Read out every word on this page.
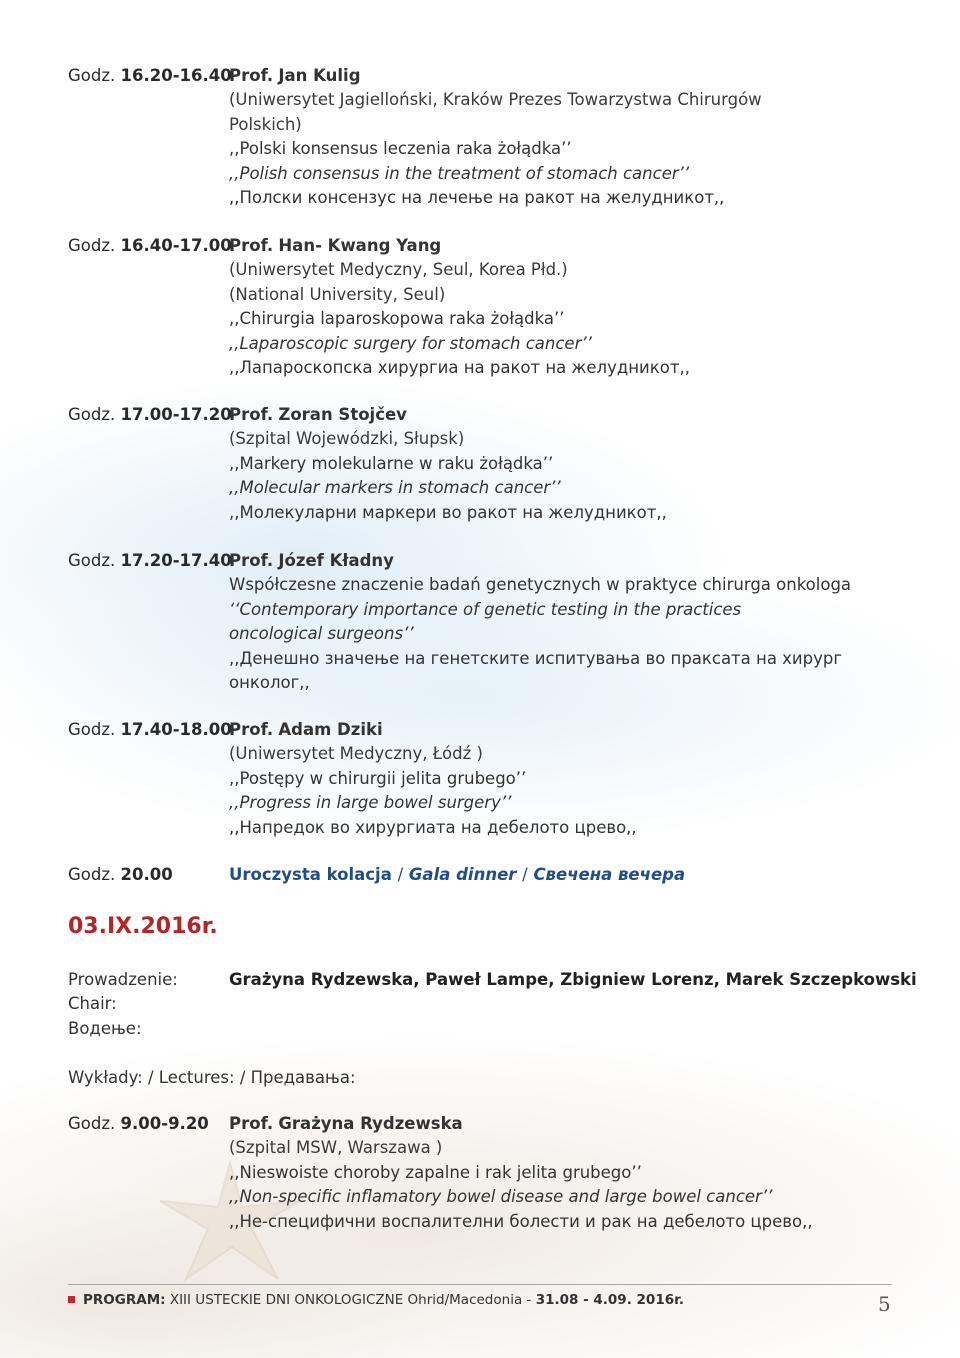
Godz. 16.20-16.40
Prof. Jan Kulig
(Uniwersytet Jagielloński, Kraków Prezes Towarzystwa Chirurgów Polskich)
,,Polski konsensus leczenia raka żołądka’’
,,Polish consensus in the treatment of stomach cancer’’
,,Полски консензус на лечење на ракот на желудникот,,
Godz. 16.40-17.00
Prof. Han- Kwang Yang
(Uniwersytet Medyczny, Seul, Korea Płd.)
(National University, Seul)
,,Chirurgia laparoskopowa raka żołądka’’
,,Laparoscopic surgery for stomach cancer’’
,,Лапароскопска хирургиа на ракот на желудникот,,
Godz. 17.00-17.20
Prof. Zoran Stojčev
(Szpital Wojewódzki, Słupsk)
,,Markery molekularne w raku żołądka’’
,,Molecular markers in stomach cancer’’
,,Молекуларни маркери во ракот на желудникот,,
Godz. 17.20-17.40
Prof. Józef Kładny
Współczesne znaczenie badań genetycznych w praktyce chirurga onkologa
‘‘Contemporary importance of genetic testing in the practices oncological surgeons’’
,,Денешно значење на генетските испитувања во праксата на хирург онколог,,
Godz. 17.40-18.00
Prof. Adam Dziki
(Uniwersytet Medyczny, Łódź )
,,Postępy w chirurgii jelita grubego’’
,,Progress in large bowel surgery’’
,,Напредок во хирургиата на дебелото црево,,
Godz. 20.00	Uroczysta kolacja / Gala dinner / Свечена вечера
03.IX.2016r.
Prowadzenie:
Chair:
Водење:
Grażyna Rydzewska, Paweł Lampe, Zbigniew Lorenz, Marek Szczepkowski
Wykłady: / Lectures: / Предавања:
Godz. 9.00-9.20 Prof. Grażyna Rydzewska
(Szpital MSW, Warszawa )
,,Nieswoiste choroby zapalne i rak jelita grubego’’
,,Non-specific inflamatory bowel disease and large bowel cancer’’
,,Не-специфични воспалителни болести и рак на дебелото црево,,
PROGRAM: XIII USTECKIE DNI ONKOLOGICZNE Ohrid/Macedonia - 31.08 - 4.09. 2016r.	5
